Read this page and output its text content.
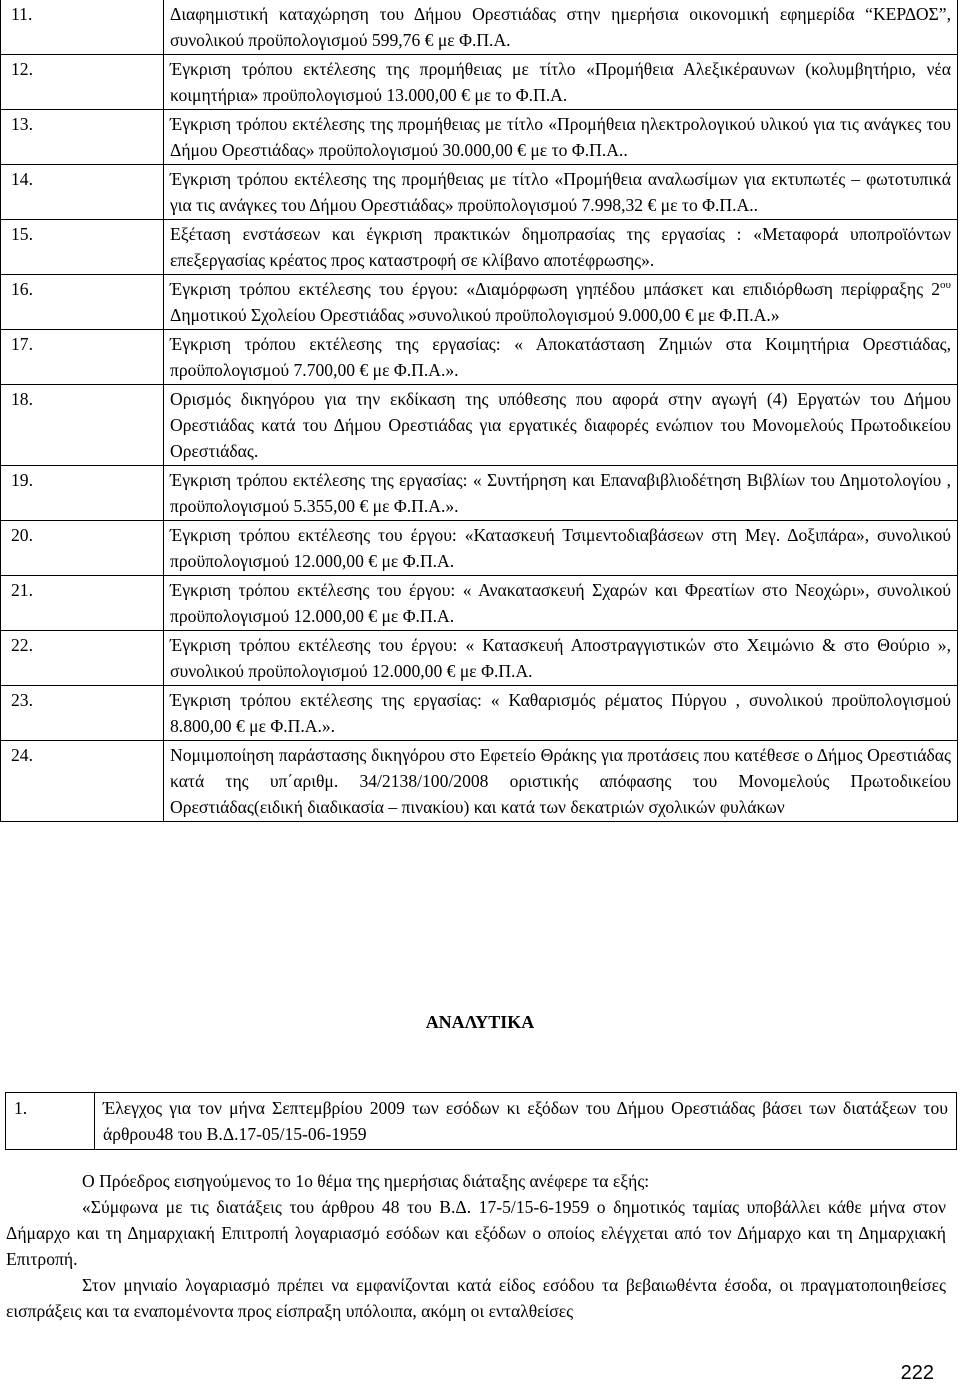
11.	Διαφημιστική καταχώρηση του Δήμου Ορεστιάδας στην ημερήσια οικονομική εφημερίδα “ΚΕΡΔΟΣ”, συνολικού προϋπολογισμού 599,76 € με Φ.Π.Α.
12.	Έγκριση τρόπου εκτέλεσης της προμήθειας με τίτλο «Προμήθεια Αλεξικέραυνων (κολυμβητήριο, νέα κοιμητήρια» προϋπολογισμού 13.000,00 € με το Φ.Π.Α.
13.	Έγκριση τρόπου εκτέλεσης της προμήθειας με τίτλο «Προμήθεια ηλεκτρολογικού υλικού για τις ανάγκες του Δήμου Ορεστιάδας» προϋπολογισμού 30.000,00 € με το Φ.Π.Α..
14.	Έγκριση τρόπου εκτέλεσης της προμήθειας με τίτλο «Προμήθεια αναλωσίμων για εκτυπωτές – φωτοτυπικά για τις ανάγκες του Δήμου Ορεστιάδας» προϋπολογισμού 7.998,32 € με το Φ.Π.Α..
15.	Εξέταση ενστάσεων και έγκριση πρακτικών δημοπρασίας της εργασίας : «Μεταφορά υποπροϊόντων επεξεργασίας κρέατος προς καταστροφή σε κλίβανο αποτέφρωσης».
16.	Έγκριση τρόπου εκτέλεσης του έργου: «Διαμόρφωση γηπέδου μπάσκετ και επιδιόρθωση περίφραξης $2^{o\upsilon}$ Δημοτικού Σχολείου Ορεστιάδας »συνολικού προϋπολογισμού 9.000,00 € με Φ.Π.Α.»
17.	Έγκριση τρόπου εκτέλεσης της εργασίας: « Αποκατάσταση Ζημιών στα Κοιμητήρια Ορεστιάδας, προϋπολογισμού 7.700,00 € με Φ.Π.Α.».
18.	Ορισμός δικηγόρου για την εκδίκαση της υπόθεσης που αφορά στην αγωγή (4) Εργατών του Δήμου Ορεστιάδας κατά του Δήμου Ορεστιάδας για εργατικές διαφορές ενώπιον του Μονομελούς Πρωτοδικείου Ορεστιάδας.
19.	Έγκριση τρόπου εκτέλεσης της εργασίας: « Συντήρηση και Επαναβιβλιοδέτηση Βιβλίων του Δημοτολογίου , προϋπολογισμού 5.355,00 € με Φ.Π.Α.».
20.	Έγκριση τρόπου εκτέλεσης του έργου: «Κατασκευή Τσιμεντοδιαβάσεων στη Μεγ. Δοξιπάρα», συνολικού προϋπολογισμού 12.000,00 € με Φ.Π.Α.
21.	Έγκριση τρόπου εκτέλεσης του έργου: « Ανακατασκευή Σχαρών και Φρεατίων στο Νεοχώρι», συνολικού προϋπολογισμού 12.000,00 € με Φ.Π.Α.
22.	Έγκριση τρόπου εκτέλεσης του έργου: « Κατασκευή Αποστραγγιστικών στο Χειμώνιο & στο Θούριο », συνολικού προϋπολογισμού 12.000,00 € με Φ.Π.Α.
23.	Έγκριση τρόπου εκτέλεσης της εργασίας: « Καθαρισμός ρέματος Πύργου , συνολικού προϋπολογισμού 8.800,00 € με Φ.Π.Α.».
24.	Νομιμοποίηση παράστασης δικηγόρου στο Εφετείο Θράκης για προτάσεις που κατέθεσε ο Δήμος Ορεστιάδας κατά της υπ΄αριθμ. 34/2138/100/2008 οριστικής απόφασης του Μονομελούς Πρωτοδικείου Ορεστιάδας(ειδική διαδικασία – πινακίου) και κατά των δεκατριών σχολικών φυλάκων
ΑΝΑΛΥΤΙΚΑ
1.	Έλεγχος για τον μήνα Σεπτεμβρίου 2009 των εσόδων κι εξόδων του Δήμου Ορεστιάδας βάσει των διατάξεων του άρθρου48 του Β.Δ.17-05/15-06-1959
Ο Πρόεδρος εισηγούμενος το 1ο θέμα της ημερήσιας διάταξης ανέφερε τα εξής:
«Σύμφωνα με τις διατάξεις του άρθρου 48 του Β.Δ. 17-5/15-6-1959 ο δημοτικός ταμίας υποβάλλει κάθε μήνα στον Δήμαρχο και τη Δημαρχιακή Επιτροπή λογαριασμό εσόδων και εξόδων ο οποίος ελέγχεται από τον Δήμαρχο και τη Δημαρχιακή Επιτροπή.
Στον μηνιαίο λογαριασμό πρέπει να εμφανίζονται κατά είδος εσόδου τα βεβαιωθέντα έσοδα, οι πραγματοποιηθείσες εισπράξεις και τα εναπομένοντα προς είσπραξη υπόλοιπα, ακόμη οι ενταλθείσες
222
